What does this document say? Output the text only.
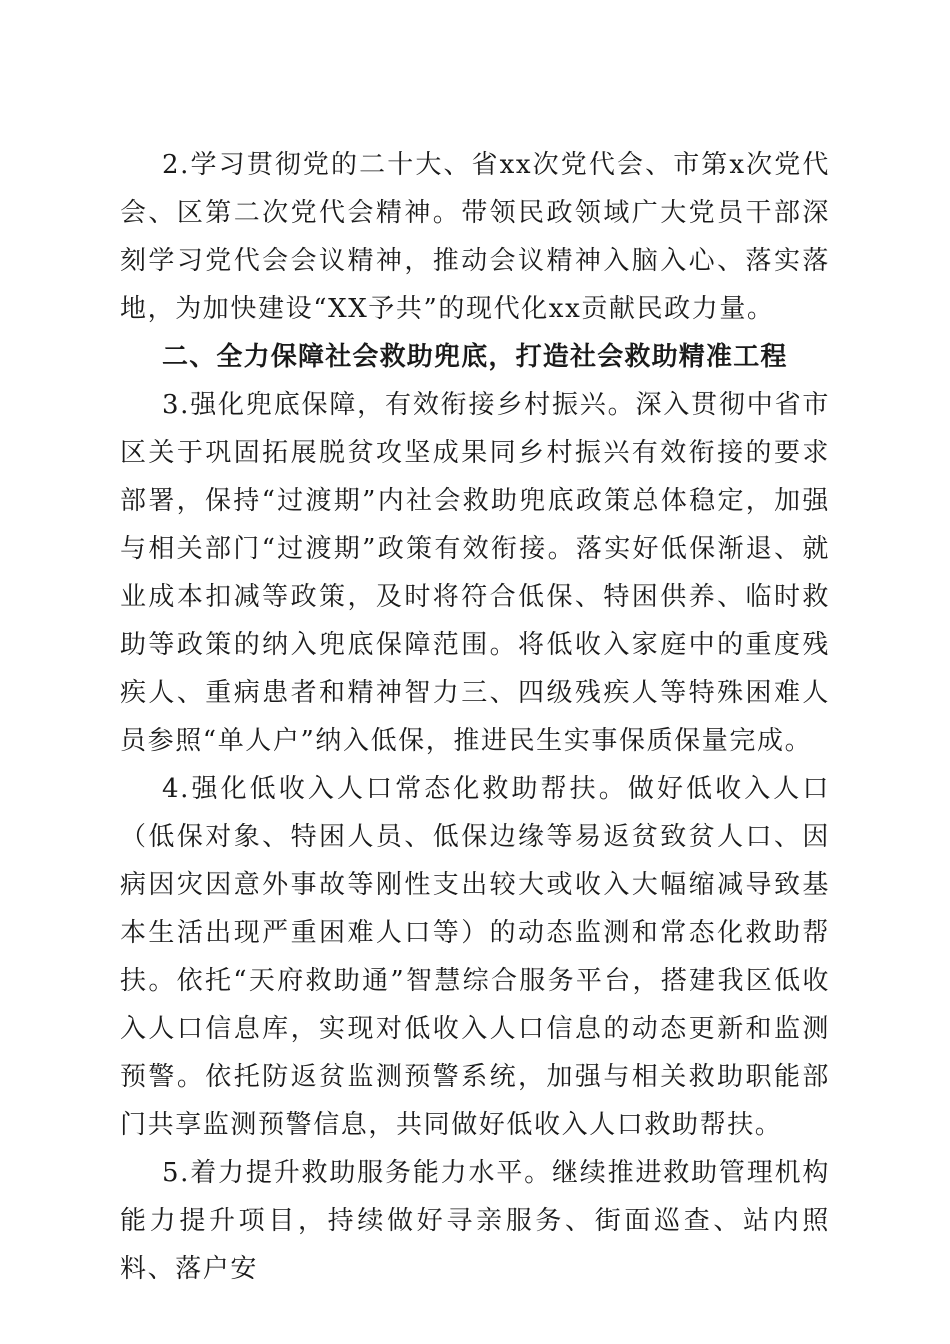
2.学习贯彻党的二十大、省xx次党代会、市第x次党代会、区第二次党代会精神。带领民政领域广大党员干部深刻学习党代会会议精神，推动会议精神入脑入心、落实落地，为加快建设“XX予共”的现代化xx贡献民政力量。

二、全力保障社会救助兜底，打造社会救助精准工程

3.强化兜底保障，有效衔接乡村振兴。深入贯彻中省市区关于巩固拓展脱贫攻坚成果同乡村振兴有效衔接的要求部署，保持“过渡期”内社会救助兜底政策总体稳定，加强与相关部门“过渡期”政策有效衔接。落实好低保渐退、就业成本扣减等政策，及时将符合低保、特困供养、临时救助等政策的纳入兜底保障范围。将低收入家庭中的重度残疾人、重病患者和精神智力三、四级残疾人等特殊困难人员参照“单人户”纳入低保，推进民生实事保质保量完成。

4.强化低收入人口常态化救助帮扶。做好低收入人口（低保对象、特困人员、低保边缘等易返贫致贫人口、因病因灾因意外事故等刚性支出较大或收入大幅缩减导致基本生活出现严重困难人口等）的动态监测和常态化救助帮扶。依托“天府救助通”智慧综合服务平台，搭建我区低收入人口信息库，实现对低收入人口信息的动态更新和监测预警。依托防返贫监测预警系统，加强与相关救助职能部门共享监测预警信息，共同做好低收入人口救助帮扶。

5.着力提升救助服务能力水平。继续推进救助管理机构能力提升项目，持续做好寻亲服务、街面巡查、站内照料、落户安
